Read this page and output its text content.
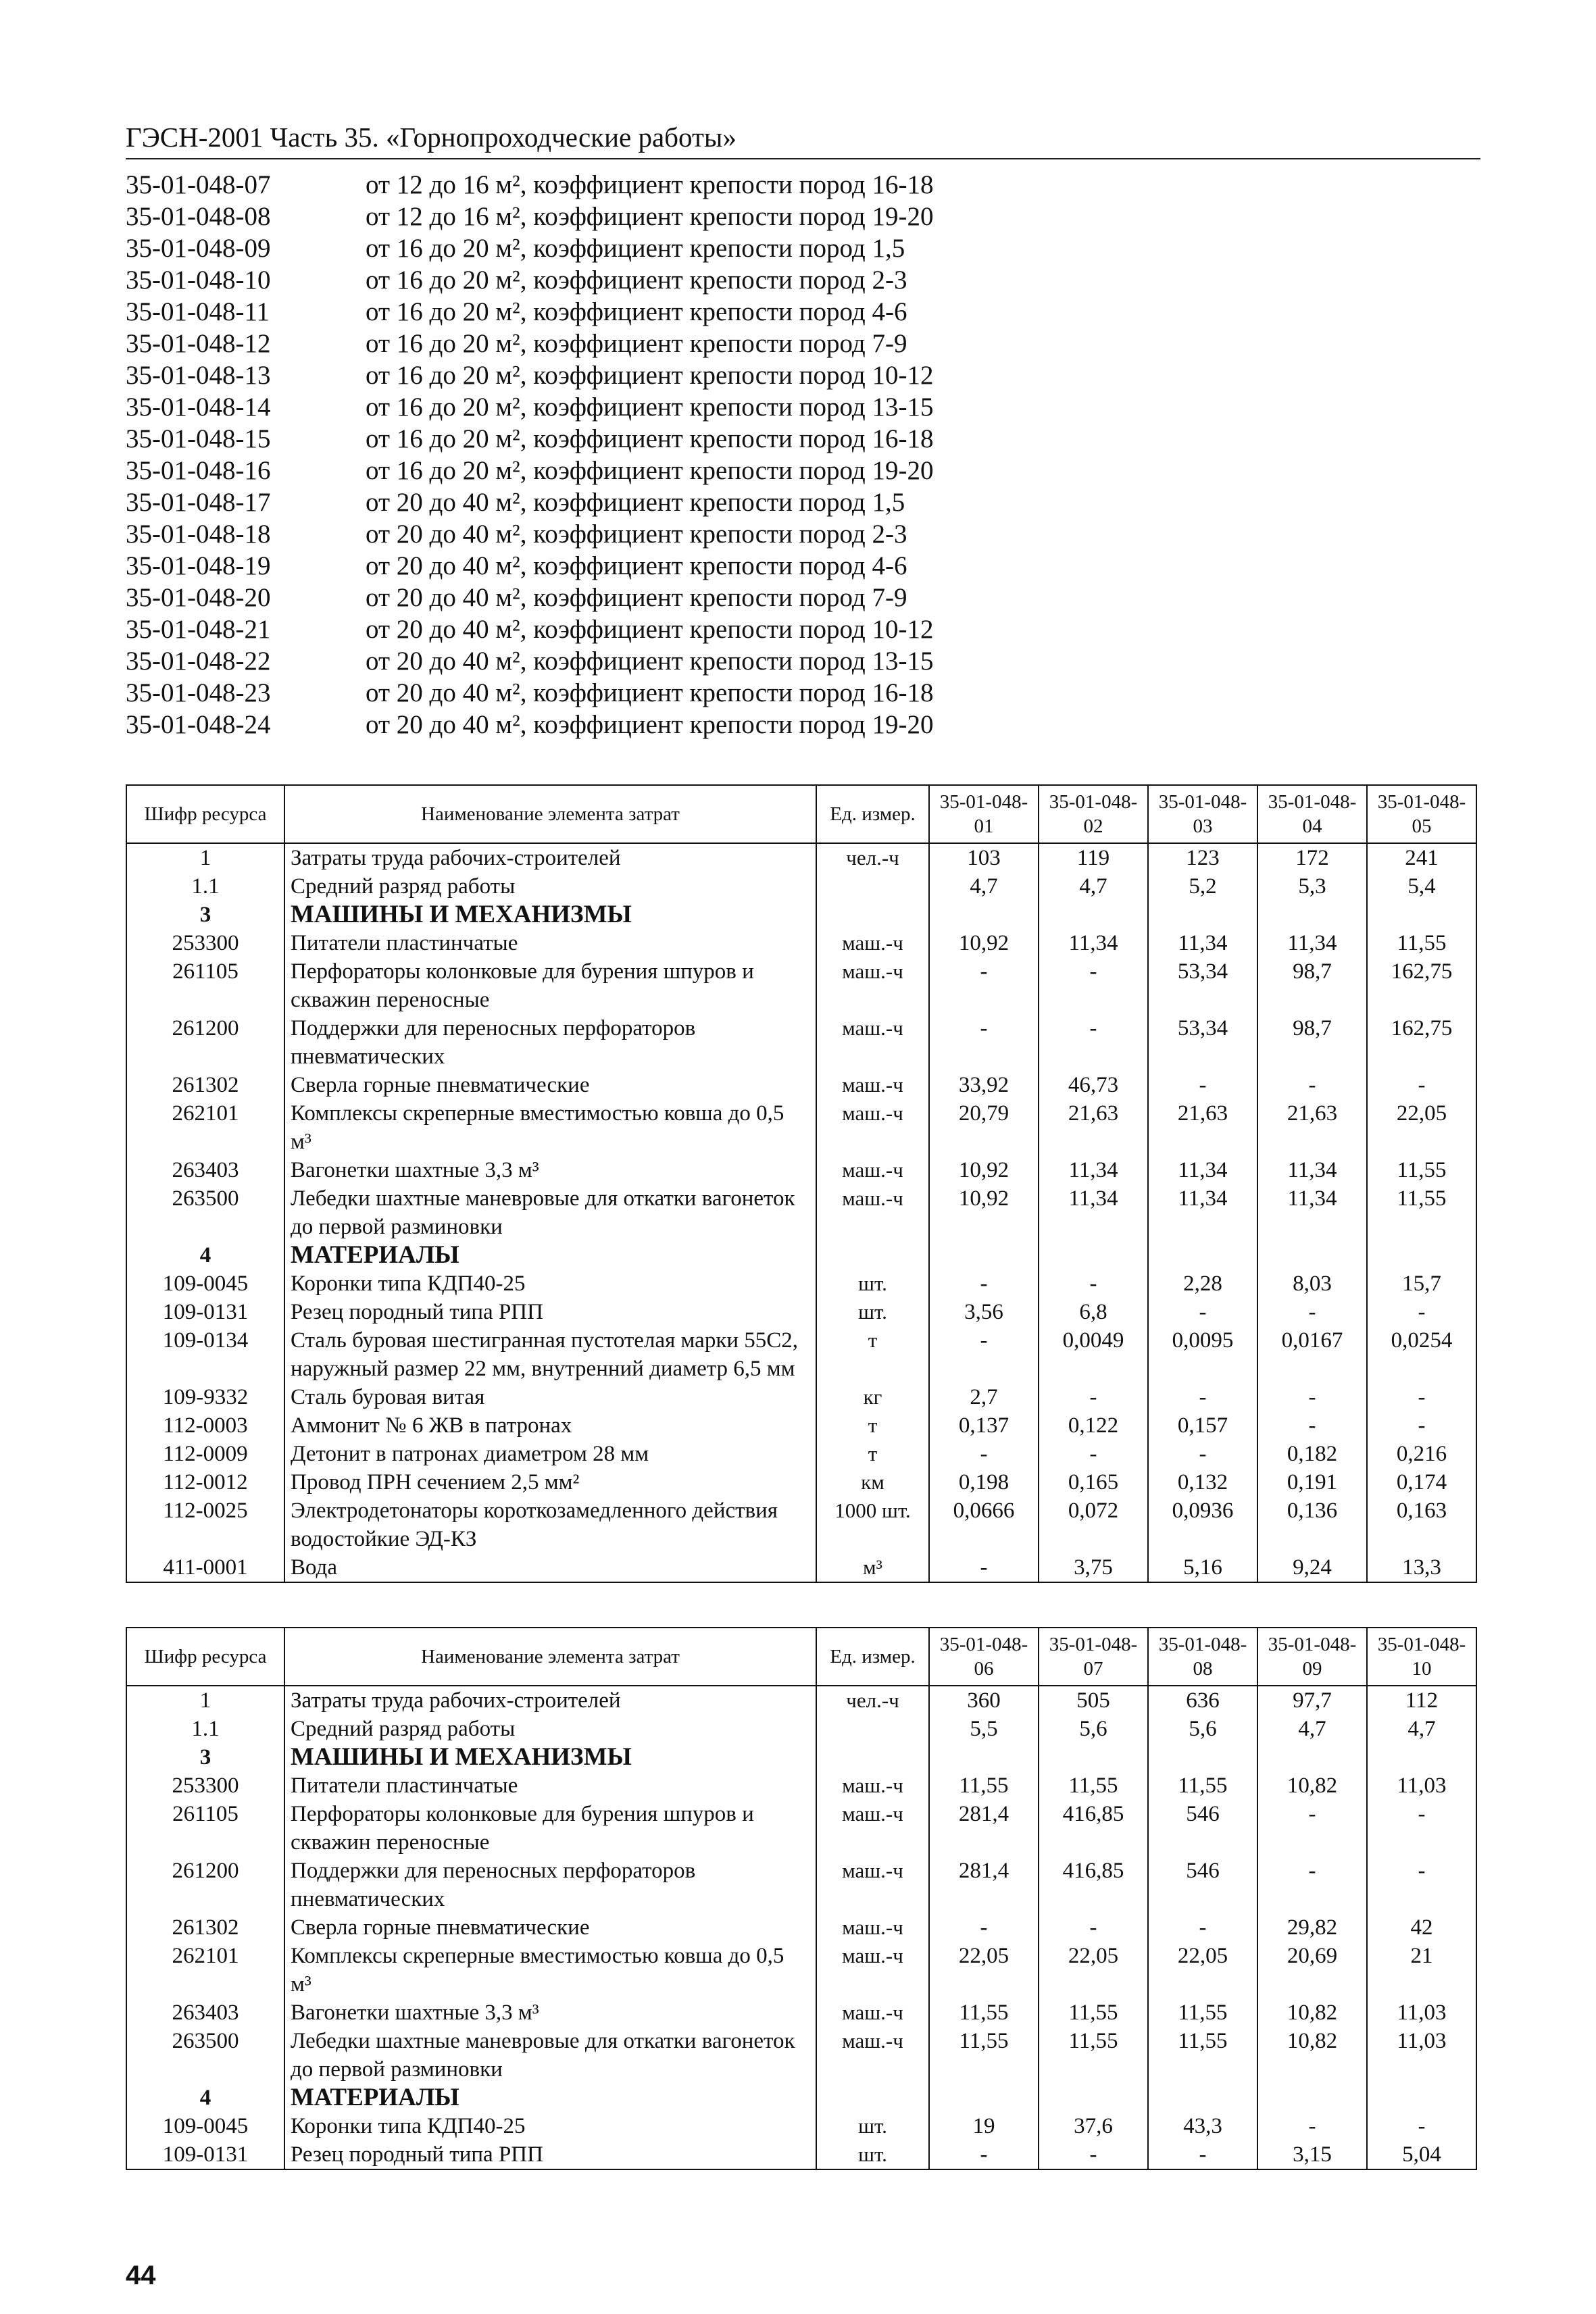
ГЭСН-2001 Часть 35. «Горнопроходческие работы»
35-01-048-07	от 12 до 16 м², коэффициент крепости пород 16-18
35-01-048-08	от 12 до 16 м², коэффициент крепости пород 19-20
35-01-048-09	от 16 до 20 м², коэффициент крепости пород 1,5
35-01-048-10	от 16 до 20 м², коэффициент крепости пород 2-3
35-01-048-11	от 16 до 20 м², коэффициент крепости пород 4-6
35-01-048-12	от 16 до 20 м², коэффициент крепости пород 7-9
35-01-048-13	от 16 до 20 м², коэффициент крепости пород 10-12
35-01-048-14	от 16 до 20 м², коэффициент крепости пород 13-15
35-01-048-15	от 16 до 20 м², коэффициент крепости пород 16-18
35-01-048-16	от 16 до 20 м², коэффициент крепости пород 19-20
35-01-048-17	от 20 до 40 м², коэффициент крепости пород 1,5
35-01-048-18	от 20 до 40 м², коэффициент крепости пород 2-3
35-01-048-19	от 20 до 40 м², коэффициент крепости пород 4-6
35-01-048-20	от 20 до 40 м², коэффициент крепости пород 7-9
35-01-048-21	от 20 до 40 м², коэффициент крепости пород 10-12
35-01-048-22	от 20 до 40 м², коэффициент крепости пород 13-15
35-01-048-23	от 20 до 40 м², коэффициент крепости пород 16-18
35-01-048-24	от 20 до 40 м², коэффициент крепости пород 19-20
Шифр ресурса	Наименование элемента затрат	Ед. измер.	35-01-048-01	35-01-048-02	35-01-048-03	35-01-048-04	35-01-048-05
1	Затраты труда рабочих-строителей	чел.-ч	103	119	123	172	241
1.1	Средний разряд работы		4,7	4,7	5,2	5,3	5,4
3	МАШИНЫ И МЕХАНИЗМЫ						
253300	Питатели пластинчатые	маш.-ч	10,92	11,34	11,34	11,34	11,55
261105	Перфораторы колонковые для бурения шпуров и скважин переносные	маш.-ч	-	-	53,34	98,7	162,75
261200	Поддержки для переносных перфораторов пневматических	маш.-ч	-	-	53,34	98,7	162,75
261302	Сверла горные пневматические	маш.-ч	33,92	46,73	-	-	-
262101	Комплексы скреперные вместимостью ковша до 0,5 м³	маш.-ч	20,79	21,63	21,63	21,63	22,05
263403	Вагонетки шахтные 3,3 м³	маш.-ч	10,92	11,34	11,34	11,34	11,55
263500	Лебедки шахтные маневровые для откатки вагонеток до первой разминовки	маш.-ч	10,92	11,34	11,34	11,34	11,55
4	МАТЕРИАЛЫ						
109-0045	Коронки типа КДП40-25	шт.	-	-	2,28	8,03	15,7
109-0131	Резец породный типа РПП	шт.	3,56	6,8	-	-	-
109-0134	Сталь буровая шестигранная пустотелая марки 55С2, наружный размер 22 мм, внутренний диаметр 6,5 мм	т	-	0,0049	0,0095	0,0167	0,0254
109-9332	Сталь буровая витая	кг	2,7	-	-	-	-
112-0003	Аммонит № 6 ЖВ в патронах	т	0,137	0,122	0,157	-	-
112-0009	Детонит в патронах диаметром 28 мм	т	-	-	-	0,182	0,216
112-0012	Провод ПРН сечением 2,5 мм²	км	0,198	0,165	0,132	0,191	0,174
112-0025	Электродетонаторы короткозамедленного действия водостойкие ЭД-КЗ	1000 шт.	0,0666	0,072	0,0936	0,136	0,163
411-0001	Вода	м³	-	3,75	5,16	9,24	13,3
Шифр ресурса	Наименование элемента затрат	Ед. измер.	35-01-048-06	35-01-048-07	35-01-048-08	35-01-048-09	35-01-048-10
1	Затраты труда рабочих-строителей	чел.-ч	360	505	636	97,7	112
1.1	Средний разряд работы		5,5	5,6	5,6	4,7	4,7
3	МАШИНЫ И МЕХАНИЗМЫ						
253300	Питатели пластинчатые	маш.-ч	11,55	11,55	11,55	10,82	11,03
261105	Перфораторы колонковые для бурения шпуров и скважин переносные	маш.-ч	281,4	416,85	546	-	-
261200	Поддержки для переносных перфораторов пневматических	маш.-ч	281,4	416,85	546	-	-
261302	Сверла горные пневматические	маш.-ч	-	-	-	29,82	42
262101	Комплексы скреперные вместимостью ковша до 0,5 м³	маш.-ч	22,05	22,05	22,05	20,69	21
263403	Вагонетки шахтные 3,3 м³	маш.-ч	11,55	11,55	11,55	10,82	11,03
263500	Лебедки шахтные маневровые для откатки вагонеток до первой разминовки	маш.-ч	11,55	11,55	11,55	10,82	11,03
4	МАТЕРИАЛЫ						
109-0045	Коронки типа КДП40-25	шт.	19	37,6	43,3	-	-
109-0131	Резец породный типа РПП	шт.	-	-	-	3,15	5,04
44
